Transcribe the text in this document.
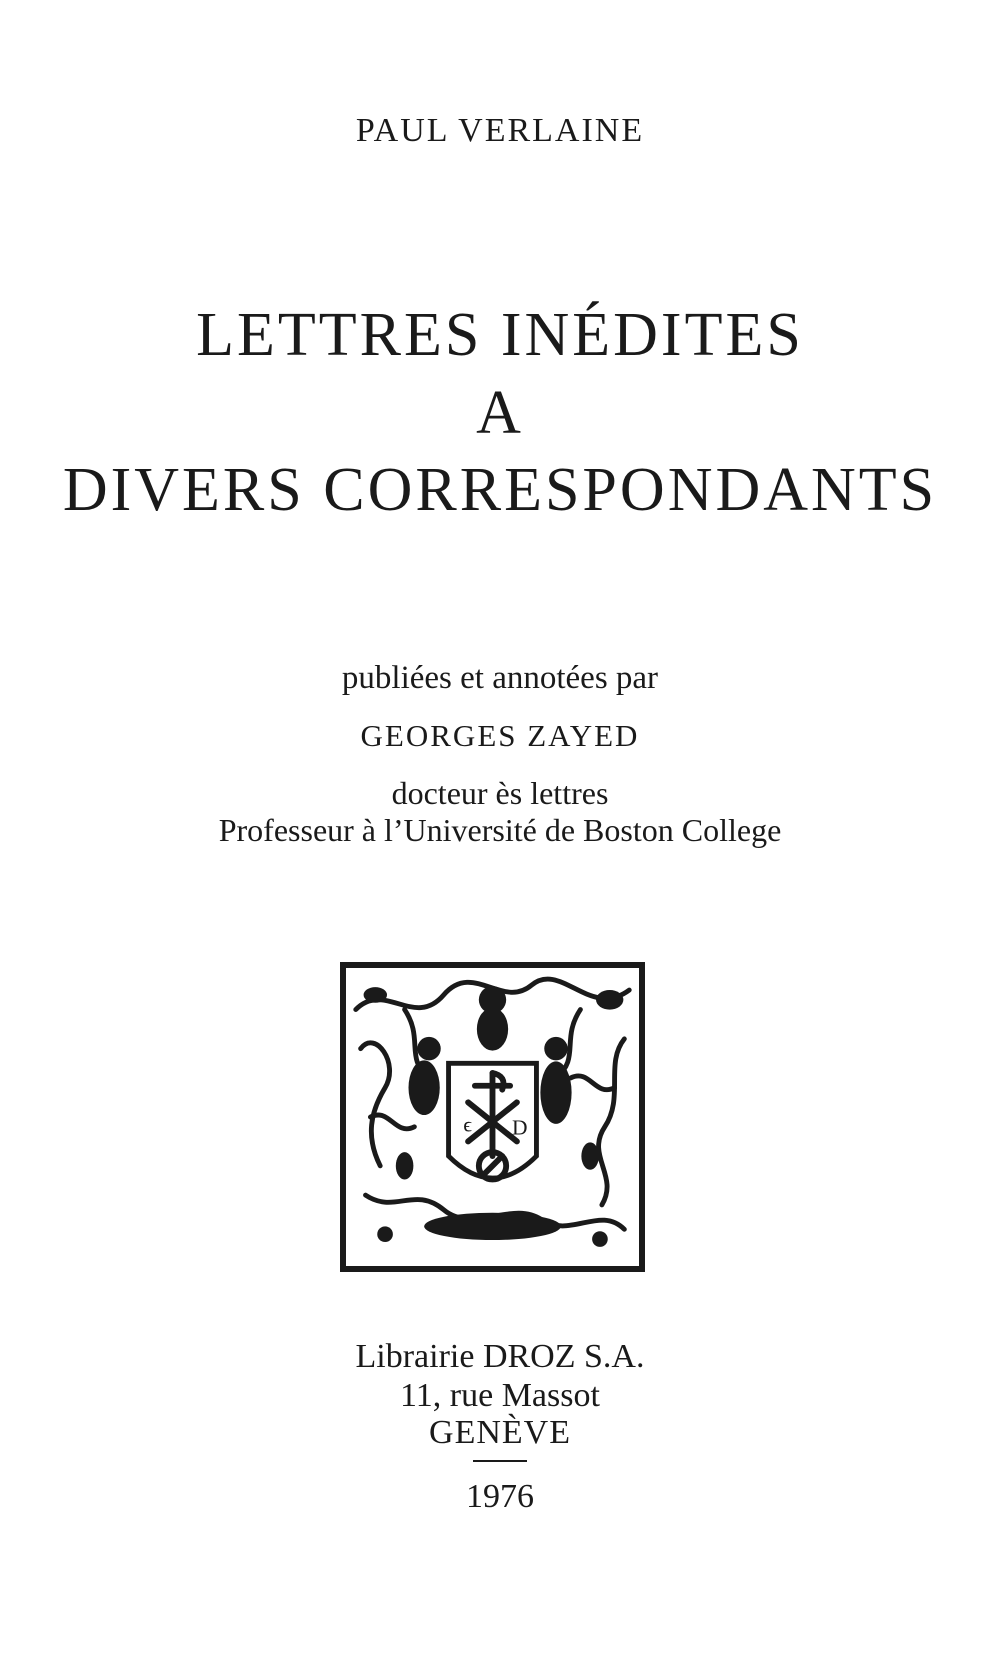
PAUL VERLAINE
LETTRES INÉDITES
A
DIVERS CORRESPONDANTS
publiées et annotées par
GEORGES ZAYED
docteur ès lettres
Professeur à l’Université de Boston College
ϵ D
Librairie DROZ S.A.
11, rue Massot
GENÈVE
1976
